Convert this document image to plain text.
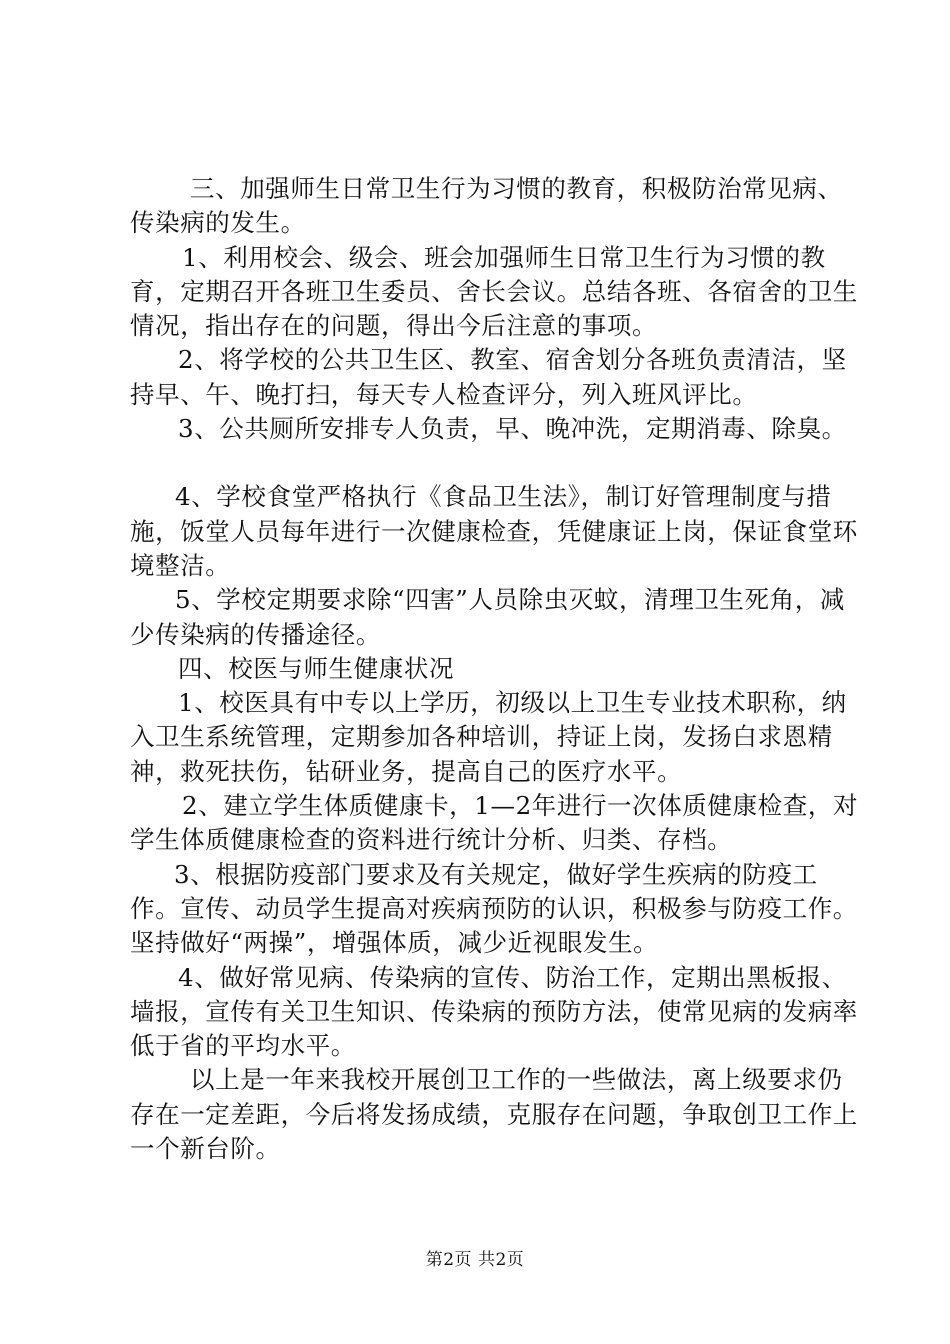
三、加强师生日常卫生行为习惯的教育，积极防治常见病、传染病的发生。

1、利用校会、级会、班会加强师生日常卫生行为习惯的教育，定期召开各班卫生委员、舍长会议。总结各班、各宿舍的卫生情况，指出存在的问题，得出今后注意的事项。

2、将学校的公共卫生区、教室、宿舍划分各班负责清洁，坚持早、午、晚打扫，每天专人检查评分，列入班风评比。

3、公共厕所安排专人负责，早、晚冲洗，定期消毒、除臭。

4、学校食堂严格执行《食品卫生法》，制订好管理制度与措施，饭堂人员每年进行一次健康检查，凭健康证上岗，保证食堂环境整洁。

5、学校定期要求除“四害”人员除虫灭蚊，清理卫生死角，减少传染病的传播途径。

四、校医与师生健康状况

1、校医具有中专以上学历，初级以上卫生专业技术职称，纳入卫生系统管理，定期参加各种培训，持证上岗，发扬白求恩精神，救死扶伤，钻研业务，提高自己的医疗水平。

2、建立学生体质健康卡，1—2年进行一次体质健康检查，对学生体质健康检查的资料进行统计分析、归类、存档。

3、根据防疫部门要求及有关规定，做好学生疾病的防疫工作。宣传、动员学生提高对疾病预防的认识，积极参与防疫工作。坚持做好“两操”，增强体质，减少近视眼发生。

4、做好常见病、传染病的宣传、防治工作，定期出黑板报、墙报，宣传有关卫生知识、传染病的预防方法，使常见病的发病率低于省的平均水平。

以上是一年来我校开展创卫工作的一些做法，离上级要求仍存在一定差距，今后将发扬成绩，克服存在问题，争取创卫工作上一个新台阶。

第2页 共2页
